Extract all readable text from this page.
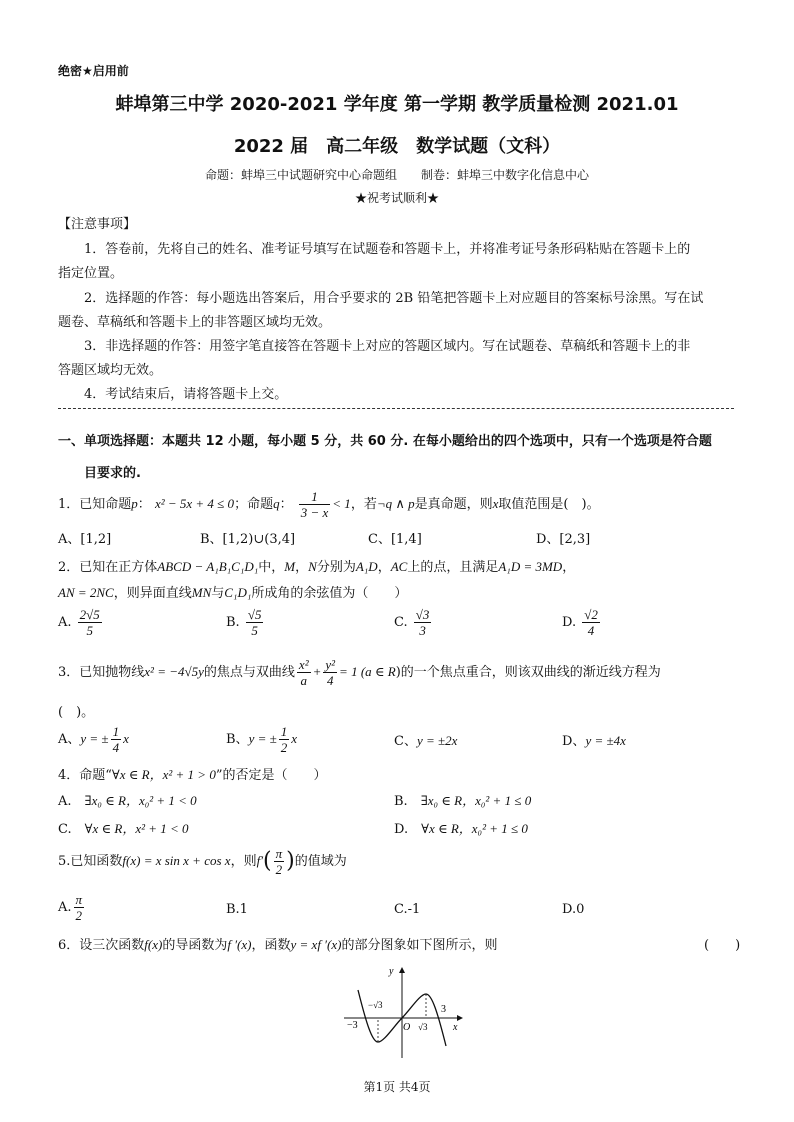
绝密★启用前
蚌埠第三中学 2020-2021 学年度 第一学期 教学质量检测 2021.01
2022 届　高二年级　数学试题（文科）
命题：蚌埠三中试题研究中心命题组　　制卷：蚌埠三中数字化信息中心
★祝考试顺利★
【注意事项】
1．答卷前，先将自己的姓名、准考证号填写在试题卷和答题卡上，并将准考证号条形码粘贴在答题卡上的
指定位置。
2．选择题的作答：每小题选出答案后，用合乎要求的 2B 铅笔把答题卡上对应题目的答案标号涂黑。写在试
题卷、草稿纸和答题卡上的非答题区域均无效。
3．非选择题的作答：用签字笔直接答在答题卡上对应的答题区域内。写在试题卷、草稿纸和答题卡上的非
答题区域均无效。
4．考试结束后，请将答题卡上交。
一、单项选择题：本题共 12 小题，每小题 5 分，共 60 分. 在每小题给出的四个选项中，只有一个选项是符合题
目要求的.
1．已知命题p： x² − 5x + 4 ≤ 0；命题q： $\frac{1}{3 - x} < 1$，若¬q ∧ p是真命题，则x取值范围是(　)。
A、[1,2]	B、[1,2)∪(3,4]	C、[1,4]	D、[2,3]
2．已知在正方体ABCD − A₁B₁C₁D₁中，M，N分别为A₁D，AC上的点，且满足A₁D = 3MD，
AN = 2NC，则异面直线MN与C₁D₁所成角的余弦值为（　　）
A. $\frac{2√5}{5}$	B. $\frac{√5}{5}$	C. $\frac{√3}{3}$	D. $\frac{√2}{4}$
3．已知抛物线x² = −4√5y的焦点与双曲线 $\frac{\text{x²}}{a} + \frac{\text{y²}}{4} = 1$ (a ∈ R)的一个焦点重合，则该双曲线的渐近线方程为
(　)。
A、y = ± $\frac{1}{4}$ x	B、y = ± $\frac{1}{2}$ x	C、y = ±2x	D、y = ±4x
4．命题“∀x ∈ R，x² + 1 > 0”的否定是（　　）
A.　 ∃x₀ ∈ R，x₀² + 1 < 0	B.　 ∃x₀ ∈ R，x₀² + 1 ≤ 0
C.　 ∀x ∈ R，x² + 1 < 0	D.　 ∀x ∈ R，x₀² + 1 ≤ 0
5.已知函数f(x) = x sin x + cos x，则$f'( \frac{\pi}{2}$ )的值域为
A. $\frac{\pi}{2}$	B.1	C.-1	D.0
6．设三次函数f(x)的导函数为f ′(x)，函数y = xf ′(x)的部分图象如下图所示，则	(　　)
y
x
O
−3
3
−√3
√3
第1页 共4页
